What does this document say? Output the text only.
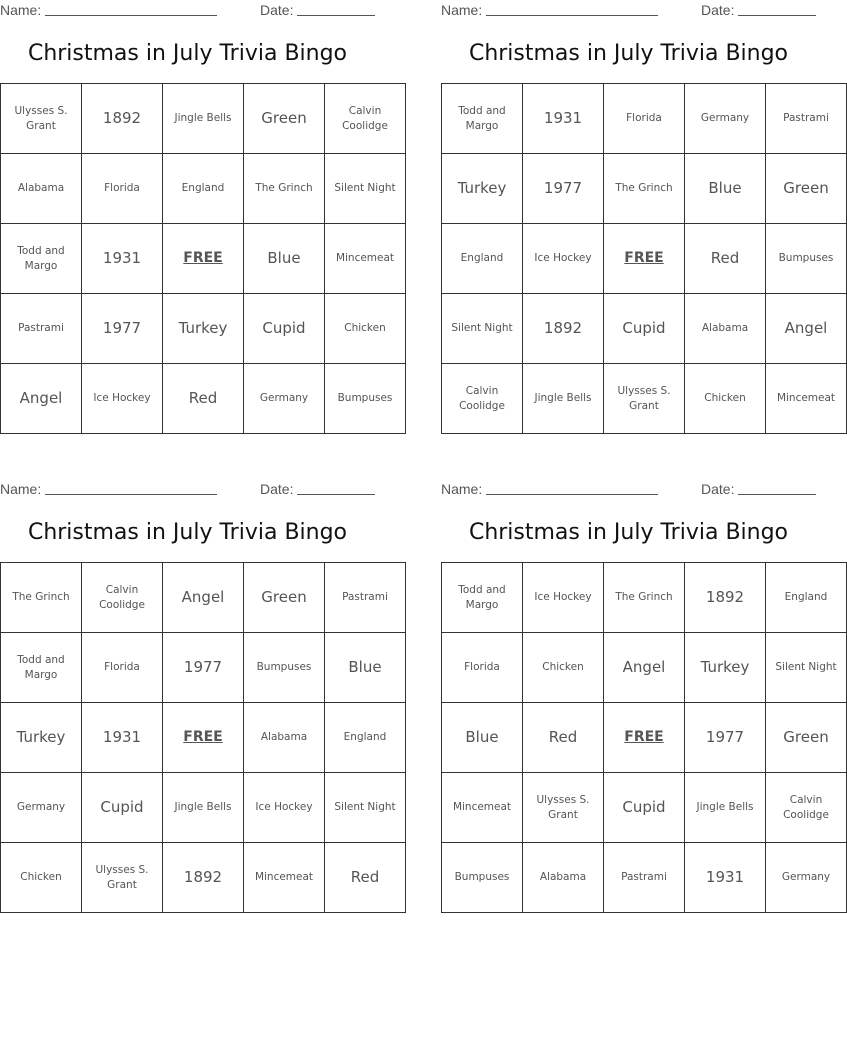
Name:	Date:
Christmas in July Trivia Bingo
Ulysses S. Grant	1892	Jingle Bells	Green	Calvin Coolidge
Alabama	Florida	England	The Grinch	Silent Night
Todd and Margo	1931	FREE	Blue	Mincemeat
Pastrami	1977	Turkey	Cupid	Chicken
Angel	Ice Hockey	Red	Germany	Bumpuses
Name:	Date:
Christmas in July Trivia Bingo
Todd and Margo	1931	Florida	Germany	Pastrami
Turkey	1977	The Grinch	Blue	Green
England	Ice Hockey	FREE	Red	Bumpuses
Silent Night	1892	Cupid	Alabama	Angel
Calvin Coolidge	Jingle Bells	Ulysses S. Grant	Chicken	Mincemeat
Name:	Date:
Christmas in July Trivia Bingo
The Grinch	Calvin Coolidge	Angel	Green	Pastrami
Todd and Margo	Florida	1977	Bumpuses	Blue
Turkey	1931	FREE	Alabama	England
Germany	Cupid	Jingle Bells	Ice Hockey	Silent Night
Chicken	Ulysses S. Grant	1892	Mincemeat	Red
Name:	Date:
Christmas in July Trivia Bingo
Todd and Margo	Ice Hockey	The Grinch	1892	England
Florida	Chicken	Angel	Turkey	Silent Night
Blue	Red	FREE	1977	Green
Mincemeat	Ulysses S. Grant	Cupid	Jingle Bells	Calvin Coolidge
Bumpuses	Alabama	Pastrami	1931	Germany
